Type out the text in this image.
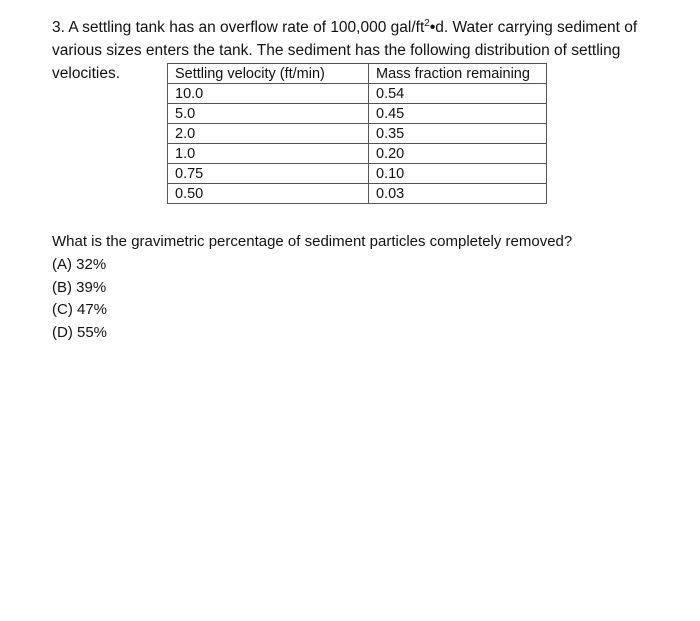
3. A settling tank has an overflow rate of 100,000 gal/$ft^2•d$. Water carrying sediment of various sizes enters the tank. The sediment has the following distribution of settling velocities.	Settling velocity (ft/min)	Mass fraction remaining
10.0	0.54
5.0	0.45
2.0	0.35
1.0	0.20
0.75	0.10
0.50	0.03
What is the gravimetric percentage of sediment particles completely removed?
(A) 32%
(B) 39%
(C) 47%
(D) 55%
